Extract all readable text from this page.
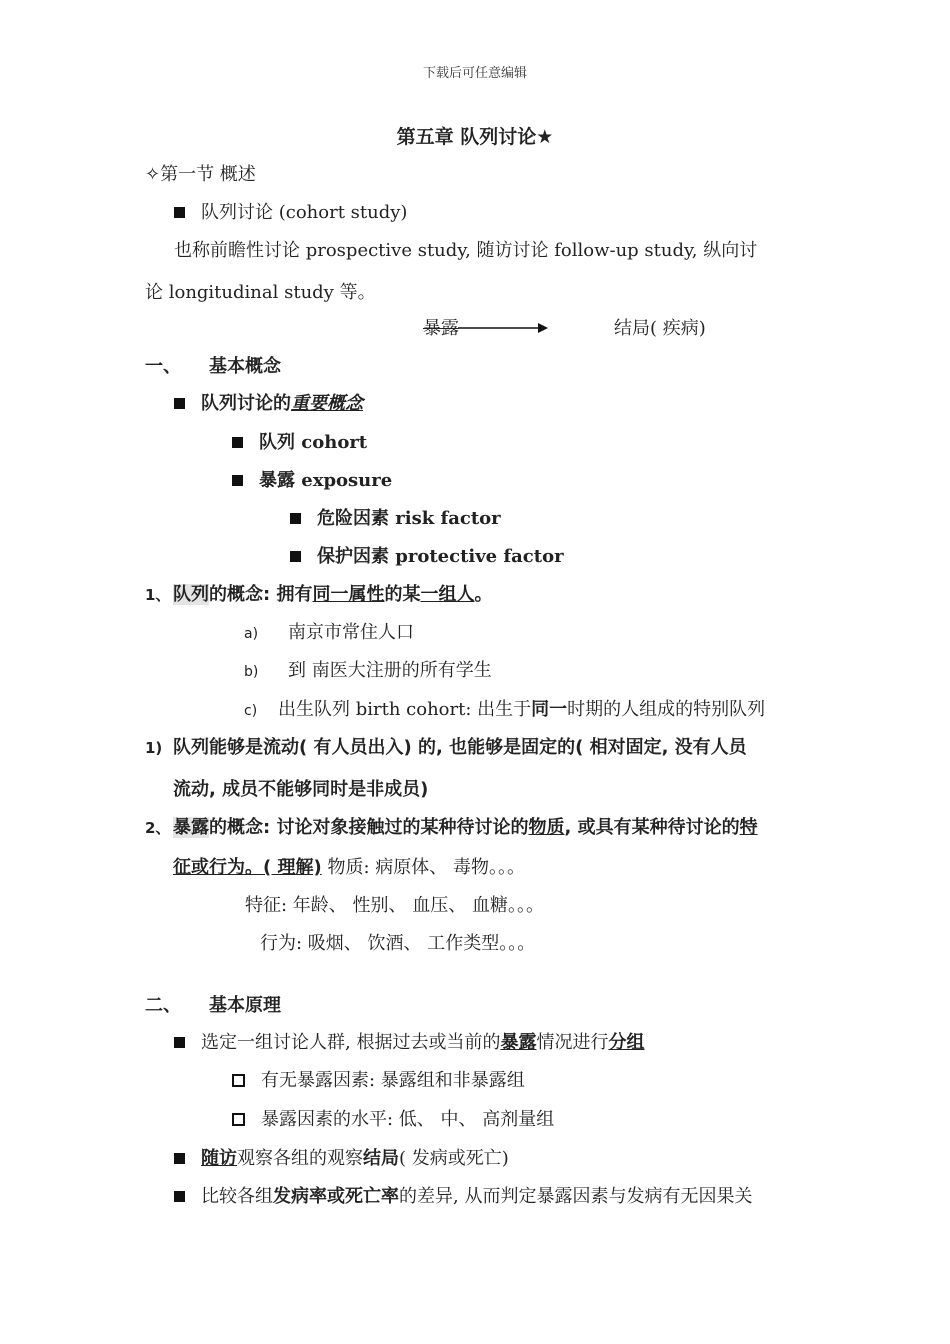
下载后可任意编辑
第五章 队列讨论★
✧第一节 概述
队列讨论 (cohort study)
也称前瞻性讨论 prospective study, 随访讨论 follow-up study, 纵向讨
论 longitudinal study 等。
暴露	结局( 疾病)
一、 基本概念
队列讨论的重要概念
队列 cohort
暴露 exposure
危险因素 risk factor
保护因素 protective factor
1、 队列的概念: 拥有同一属性的某一组人。
a) 南京市常住人口
b) 到 南医大注册的所有学生
c) 出生队列 birth cohort: 出生于同一时期的人组成的特别队列
1) 队列能够是流动( 有人员出入) 的, 也能够是固定的( 相对固定, 没有人员
流动, 成员不能够同时是非成员)
2、 暴露的概念: 讨论对象接触过的某种待讨论的物质, 或具有某种待讨论的特
征或行为。( 理解) 物质: 病原体、 毒物。。。
特征: 年龄、 性别、 血压、 血糖。。。
行为: 吸烟、 饮酒、 工作类型。。。
二、 基本原理
选定一组讨论人群, 根据过去或当前的暴露情况进行分组
有无暴露因素: 暴露组和非暴露组
暴露因素的水平: 低、 中、 高剂量组
随访观察各组的观察结局( 发病或死亡)
比较各组发病率或死亡率的差异, 从而判定暴露因素与发病有无因果关
